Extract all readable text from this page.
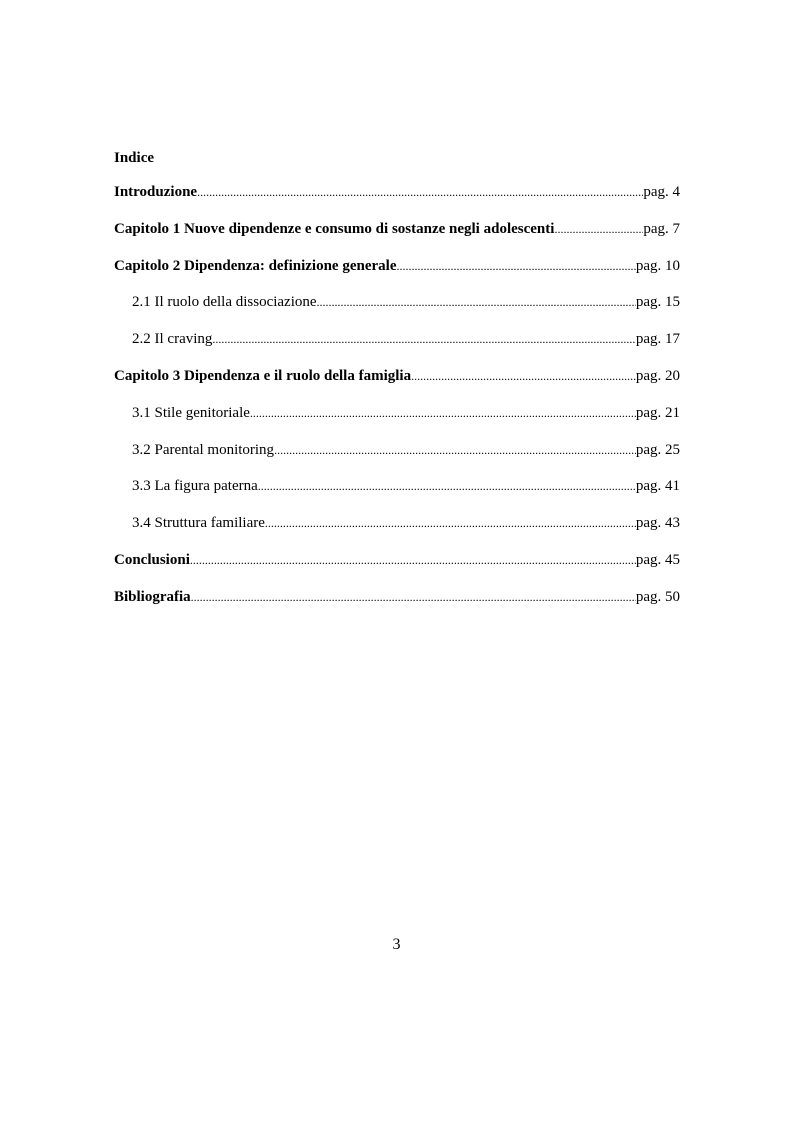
Indice
Introduzione .....	pag. 4
Capitolo 1 Nuove dipendenze e consumo di sostanze negli adolescenti .....	pag. 7
Capitolo 2 Dipendenza: definizione generale .....	pag. 10
2.1 Il ruolo della dissociazione .....	pag. 15
2.2 Il craving .....	pag. 17
Capitolo 3 Dipendenza e il ruolo della famiglia .....	pag. 20
3.1 Stile genitoriale .....	pag. 21
3.2 Parental monitoring .....	pag. 25
3.3 La figura paterna .....	pag. 41
3.4 Struttura familiare .....	pag. 43
Conclusioni .....	pag. 45
Bibliografia .....	pag. 50
3
